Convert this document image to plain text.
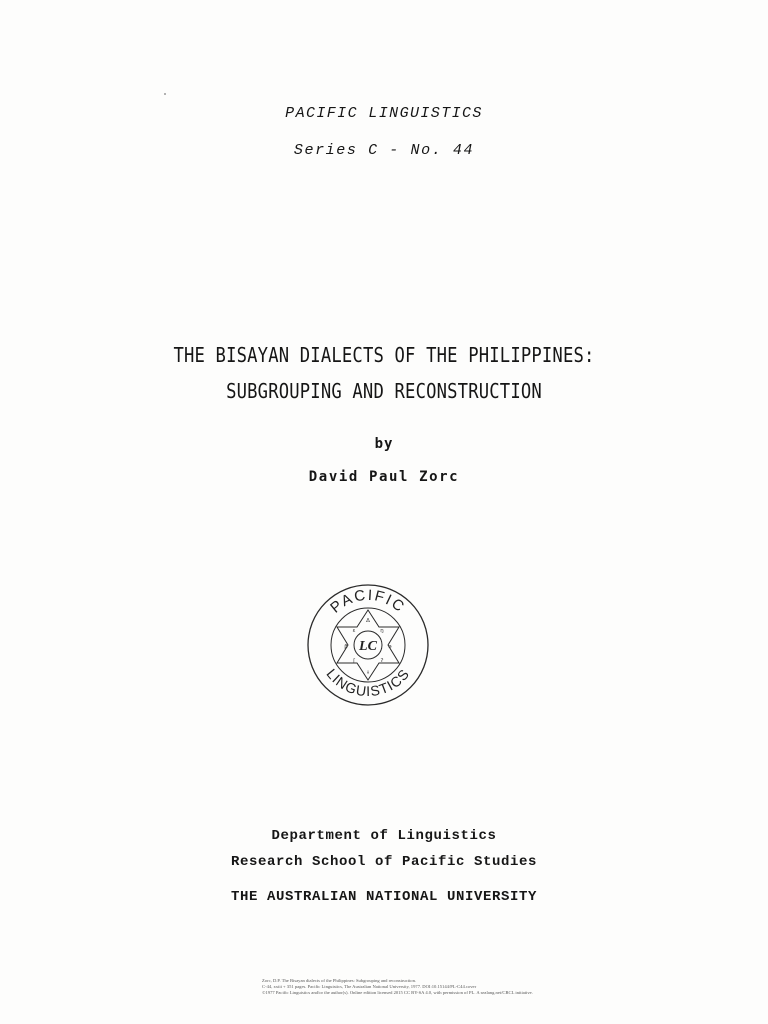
PACIFIC LINGUISTICS
Series C - No. 44
THE BISAYAN DIALECTS OF THE PHILIPPINES:
SUBGROUPING AND RECONSTRUCTION
by
David Paul Zorc
PACIFIC
LINGUISTICS
LC
Δ
ŋ
ə
ʔ
ɨ
ʃ
β
ɛ
Department of Linguistics
Research School of Pacific Studies
THE AUSTRALIAN NATIONAL UNIVERSITY
Zorc, D.P. The Bisayan dialects of the Philippines: Subgrouping and reconstruction.
C-44, xxiii + 351 pages. Pacific Linguistics, The Australian National University, 1977. DOI:10.15144/PL-C44.cover
©1977 Pacific Linguistics and/or the author(s). Online edition licensed 2015 CC BY-SA 4.0, with permission of PL. A sealang.net/CRCL initiative.
